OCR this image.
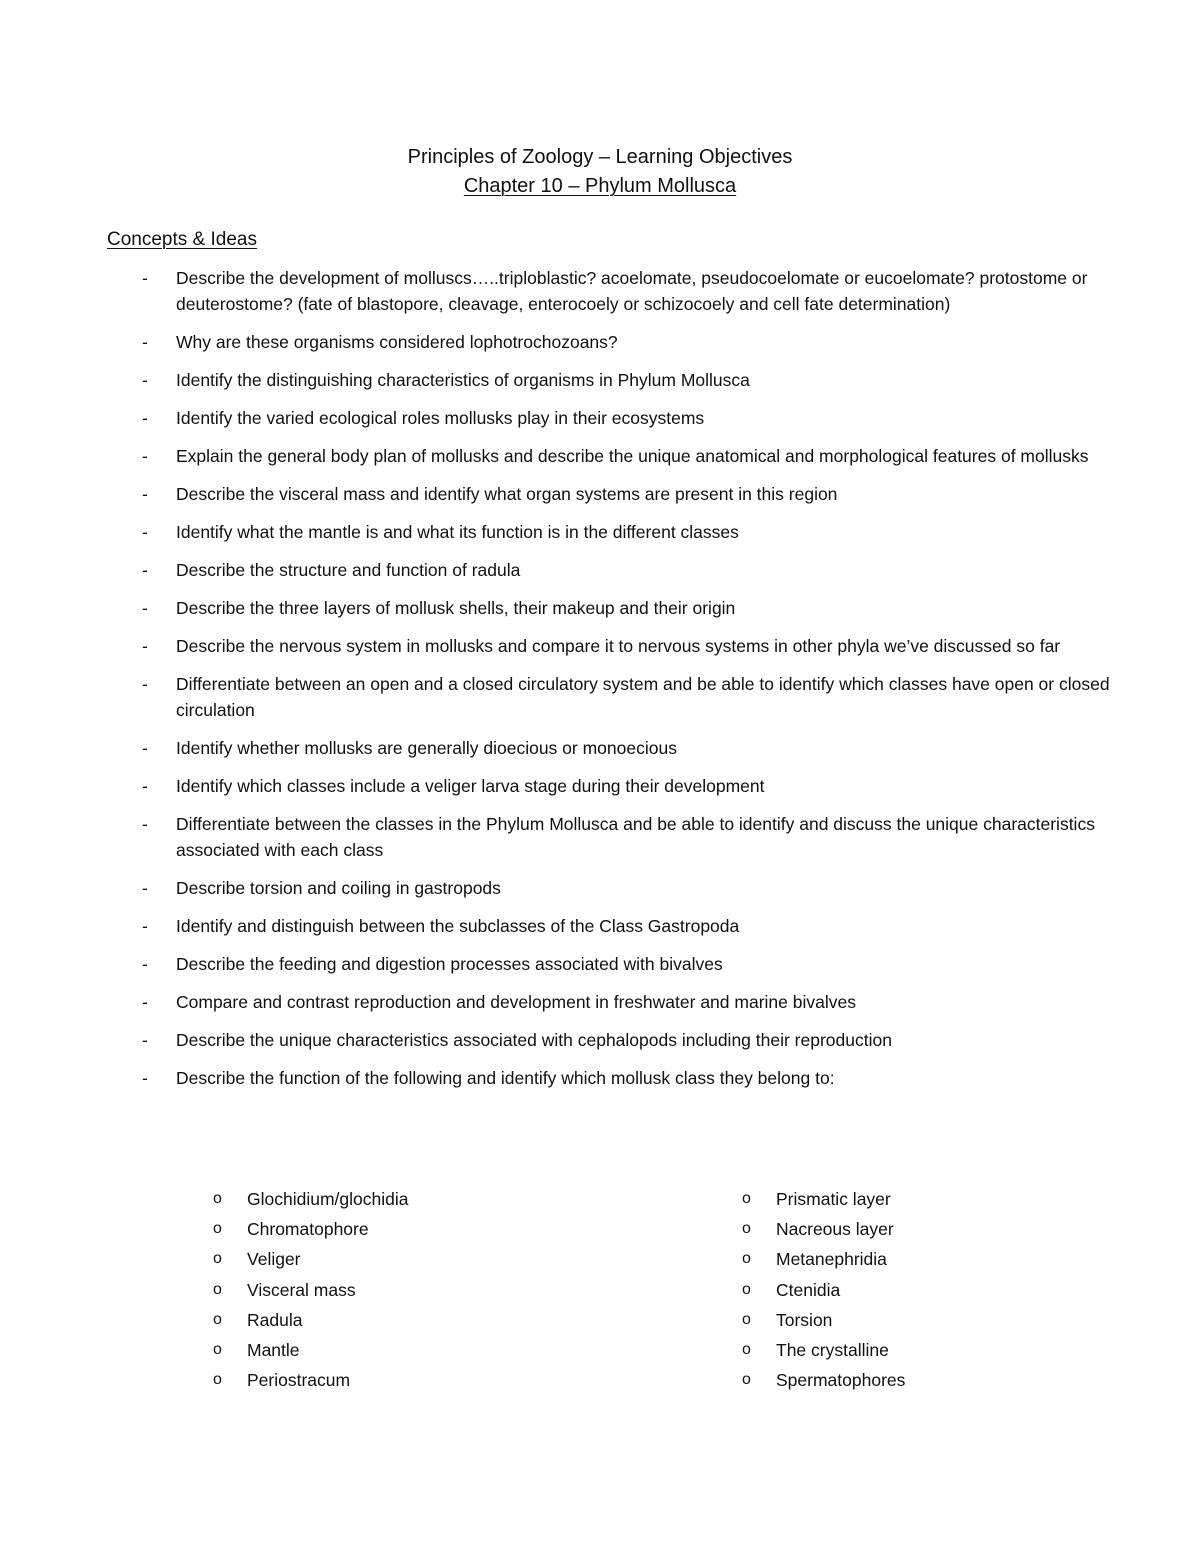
Principles of Zoology – Learning Objectives
Chapter 10 – Phylum Mollusca
Concepts & Ideas
- Describe the development of molluscs…..triploblastic? acoelomate, pseudocoelomate or eucoelomate? protostome or deuterostome? (fate of blastopore, cleavage, enterocoely or schizocoely and cell fate determination)
- Why are these organisms considered lophotrochozoans?
- Identify the distinguishing characteristics of organisms in Phylum Mollusca
- Identify the varied ecological roles mollusks play in their ecosystems
- Explain the general body plan of mollusks and describe the unique anatomical and morphological features of mollusks
- Describe the visceral mass and identify what organ systems are present in this region
- Identify what the mantle is and what its function is in the different classes
- Describe the structure and function of radula
- Describe the three layers of mollusk shells, their makeup and their origin
- Describe the nervous system in mollusks and compare it to nervous systems in other phyla we’ve discussed so far
- Differentiate between an open and a closed circulatory system and be able to identify which classes have open or closed circulation
- Identify whether mollusks are generally dioecious or monoecious
- Identify which classes include a veliger larva stage during their development
- Differentiate between the classes in the Phylum Mollusca and be able to identify and discuss the unique characteristics associated with each class
- Describe torsion and coiling in gastropods
- Identify and distinguish between the subclasses of the Class Gastropoda
- Describe the feeding and digestion processes associated with bivalves
- Compare and contrast reproduction and development in freshwater and marine bivalves
- Describe the unique characteristics associated with cephalopods including their reproduction
- Describe the function of the following and identify which mollusk class they belong to:
o Glochidium/glochidia
o Chromatophore
o Veliger
o Visceral mass
o Radula
o Mantle
o Periostracum
o Prismatic layer
o Nacreous layer
o Metanephridia
o Ctenidia
o Torsion
o The crystalline
o Spermatophores
